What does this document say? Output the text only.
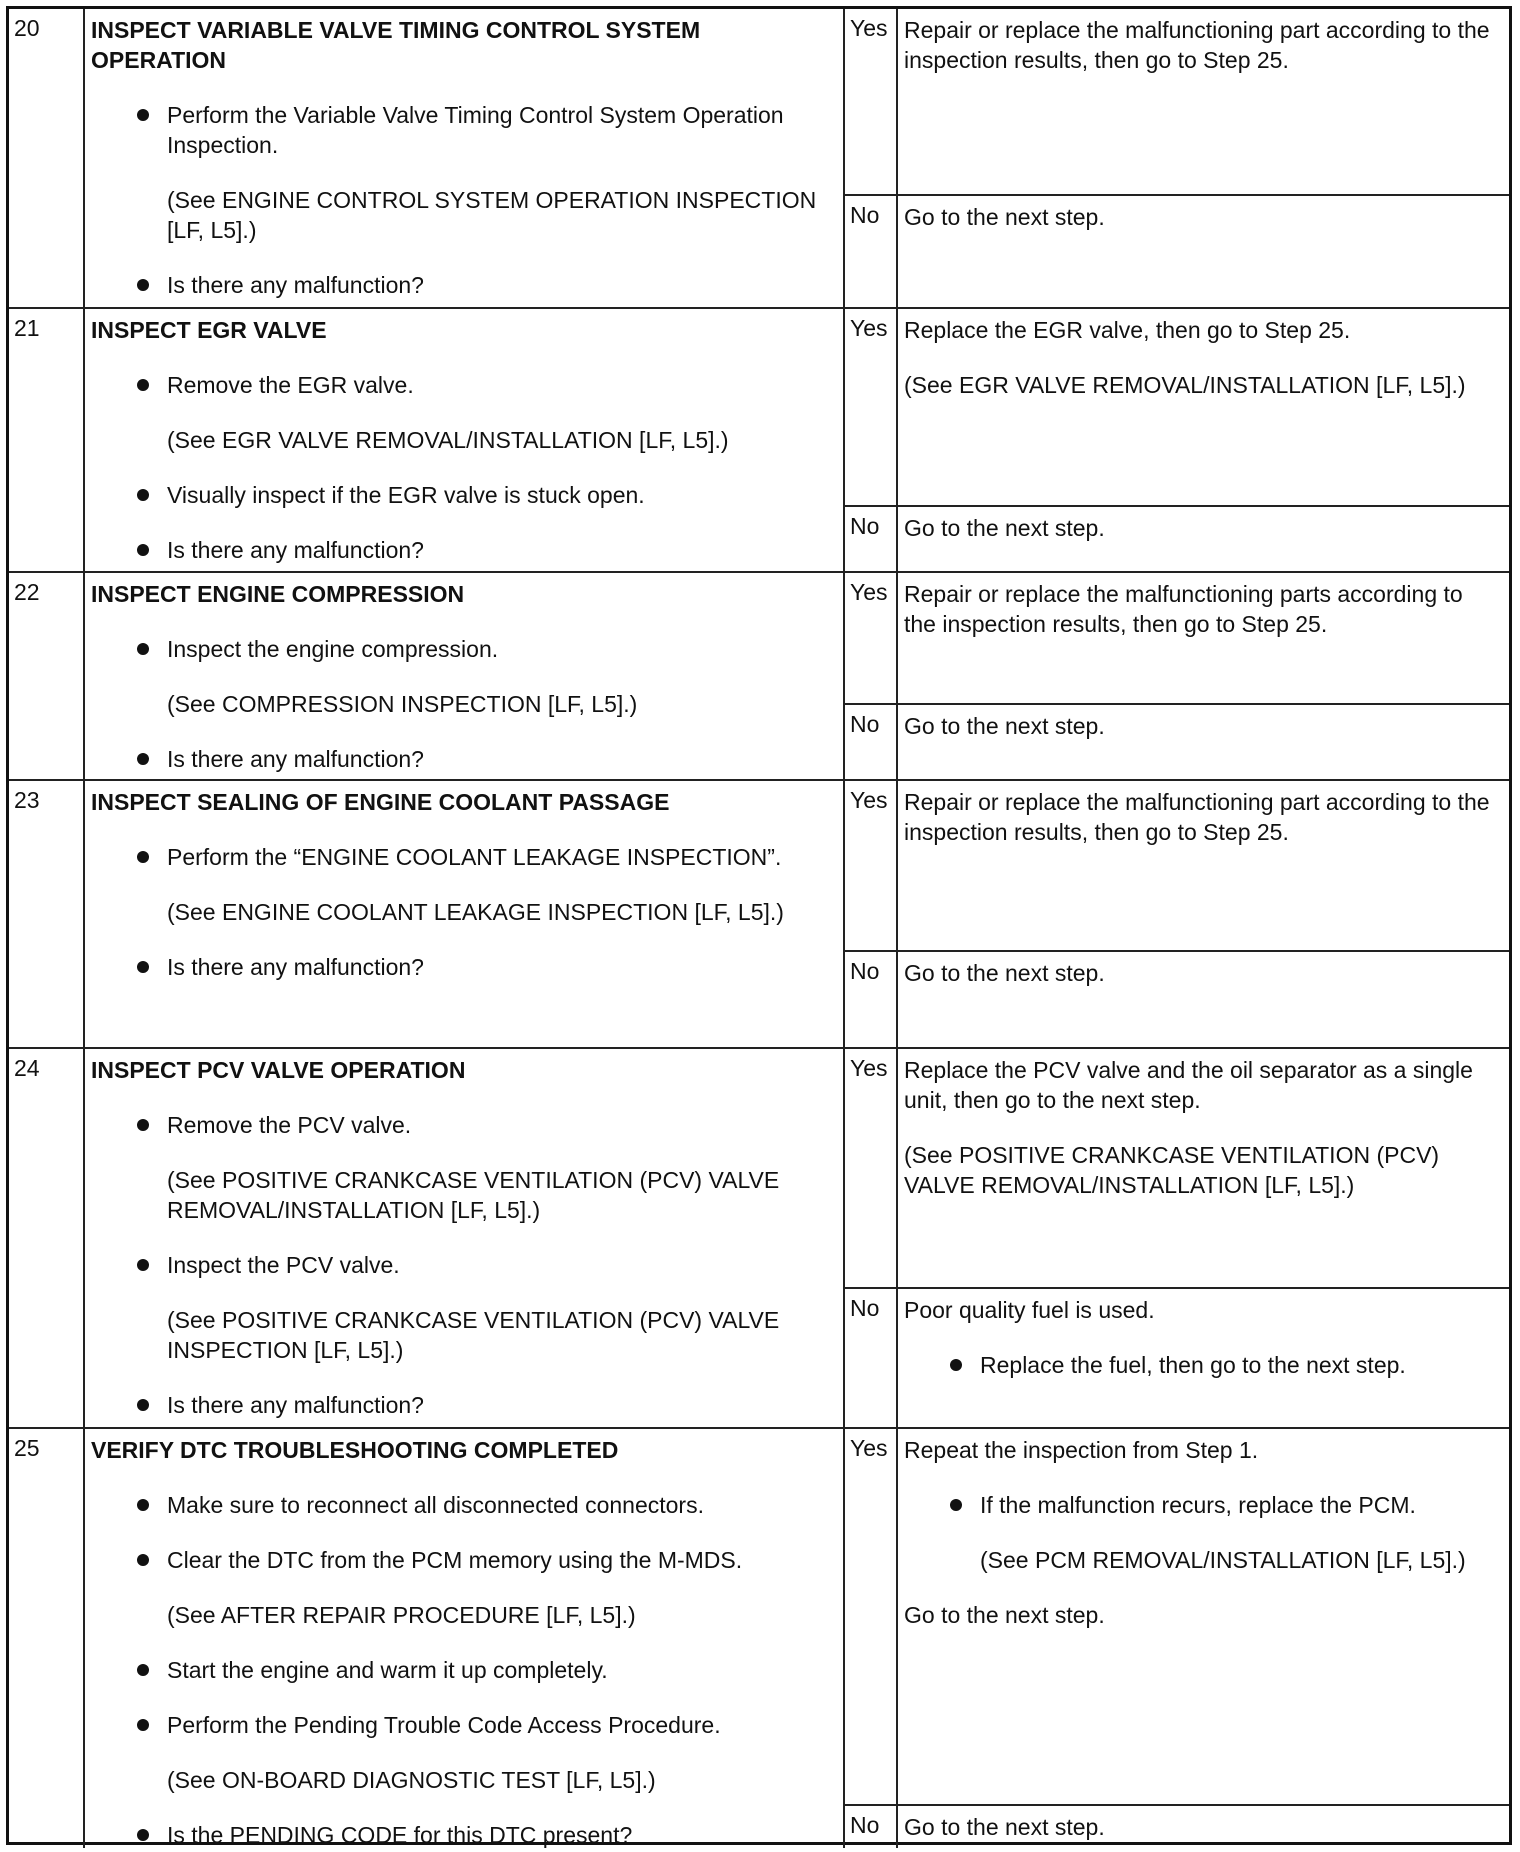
20	INSPECT VARIABLE VALVE TIMING CONTROL SYSTEM OPERATION
Perform the Variable Valve Timing Control System Operation Inspection.
(See ENGINE CONTROL SYSTEM OPERATION INSPECTION [LF, L5].)
Is there any malfunction?
Yes Repair or replace the malfunctioning part according to the inspection results, then go to Step 25.
No	Go to the next step.
21	INSPECT EGR VALVE
Remove the EGR valve.
(See EGR VALVE REMOVAL/INSTALLATION [LF, L5].)
Visually inspect if the EGR valve is stuck open.
Is there any malfunction?
Yes Replace the EGR valve, then go to Step 25.
(See EGR VALVE REMOVAL/INSTALLATION [LF, L5].)
No	Go to the next step.
22	INSPECT ENGINE COMPRESSION
Inspect the engine compression.
(See COMPRESSION INSPECTION [LF, L5].)
Is there any malfunction?
Yes Repair or replace the malfunctioning parts according to the inspection results, then go to Step 25.
No	Go to the next step.
23	INSPECT SEALING OF ENGINE COOLANT PASSAGE
Perform the “ENGINE COOLANT LEAKAGE INSPECTION”.
(See ENGINE COOLANT LEAKAGE INSPECTION [LF, L5].)
Is there any malfunction?
Yes Repair or replace the malfunctioning part according to the inspection results, then go to Step 25.
No	Go to the next step.
24	INSPECT PCV VALVE OPERATION
Remove the PCV valve.
(See POSITIVE CRANKCASE VENTILATION (PCV) VALVE REMOVAL/INSTALLATION [LF, L5].)
Inspect the PCV valve.
(See POSITIVE CRANKCASE VENTILATION (PCV) VALVE INSPECTION [LF, L5].)
Is there any malfunction?
Yes Replace the PCV valve and the oil separator as a single unit, then go to the next step.
(See POSITIVE CRANKCASE VENTILATION (PCV) VALVE REMOVAL/INSTALLATION [LF, L5].)
No	Poor quality fuel is used.
Replace the fuel, then go to the next step.
25	VERIFY DTC TROUBLESHOOTING COMPLETED
Make sure to reconnect all disconnected connectors.
Clear the DTC from the PCM memory using the M-MDS.
(See AFTER REPAIR PROCEDURE [LF, L5].)
Start the engine and warm it up completely.
Perform the Pending Trouble Code Access Procedure.
(See ON-BOARD DIAGNOSTIC TEST [LF, L5].)
Is the PENDING CODE for this DTC present?
Yes Repeat the inspection from Step 1.
If the malfunction recurs, replace the PCM.
(See PCM REMOVAL/INSTALLATION [LF, L5].)
Go to the next step.
No	Go to the next step.
